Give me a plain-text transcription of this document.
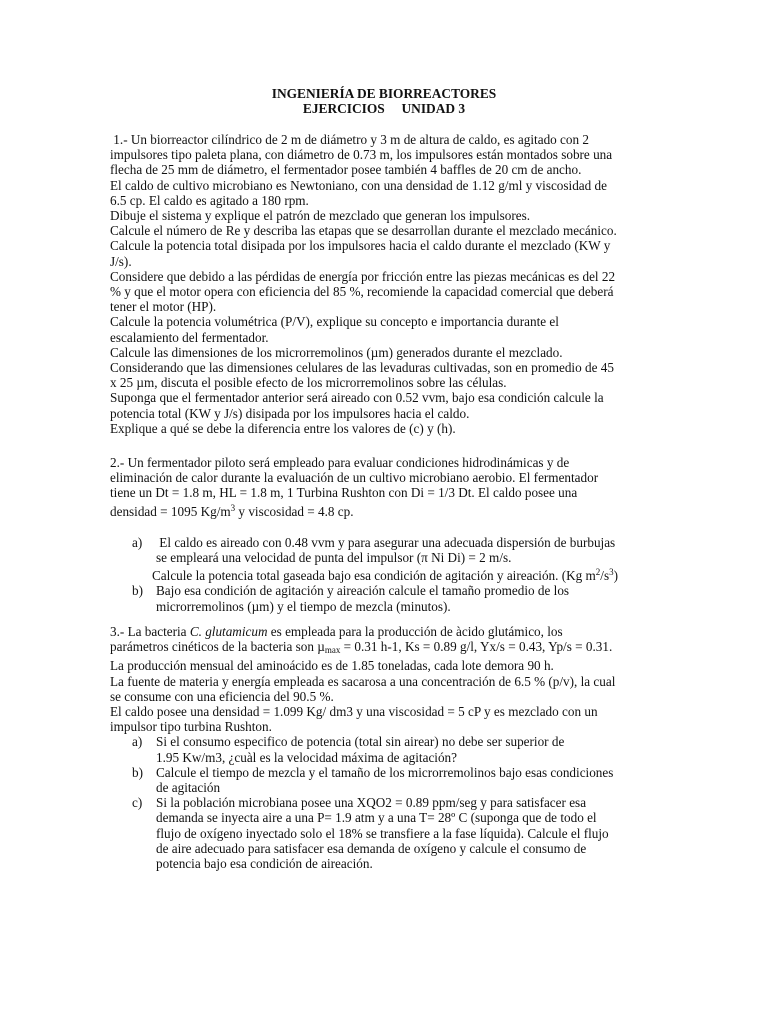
INGENIERÍA DE BIORREACTORES
EJERCICIOS     UNIDAD 3

1.- Un biorreactor cilíndrico de 2 m de diámetro y 3 m de altura de caldo, es agitado con 2

impulsores tipo paleta plana, con diámetro de 0.73 m, los impulsores están montados sobre una

flecha de 25 mm de diámetro, el fermentador posee también 4 baffles de 20 cm de ancho.

El caldo de cultivo microbiano es Newtoniano, con una densidad de 1.12 g/ml y viscosidad de

6.5 cp. El caldo es agitado a 180 rpm.

Dibuje el sistema y explique el patrón de mezclado que generan los impulsores.

Calcule el número de Re y describa las etapas que se desarrollan durante el mezclado mecánico.

Calcule la potencia total disipada por los impulsores hacia el caldo durante el mezclado (KW y

J/s).

Considere que debido a las pérdidas de energía por fricción entre las piezas mecánicas es del 22

% y que el motor opera con eficiencia del 85 %, recomiende la capacidad comercial que deberá

tener el motor (HP).

Calcule la potencia volumétrica (P/V), explique su concepto e importancia durante el

escalamiento del fermentador.

Calcule las dimensiones de los microrremolinos (µm) generados durante el mezclado.

Considerando que las dimensiones celulares de las levaduras cultivadas, son en promedio de 45

x 25 µm, discuta el posible efecto de los microrremolinos sobre las células.

Suponga que el fermentador anterior será aireado con 0.52 vvm, bajo esa condición calcule la

potencia total (KW y J/s) disipada por los impulsores hacia el caldo.

Explique a qué se debe la diferencia entre los valores de (c) y (h).

2.- Un fermentador piloto será empleado para evaluar condiciones hidrodinámicas y de

eliminación de calor durante la evaluación de un cultivo microbiano aerobio. El fermentador

tiene un Dt = 1.8 m, HL = 1.8 m, 1 Turbina Rushton con Di = 1/3 Dt. El caldo posee una

densidad = 1095 $Kg/m^3$ y viscosidad = 4.8 cp.

a) El caldo es aireado con 0.48 vvm y para asegurar una adecuada dispersión de burbujas

se empleará una velocidad de punta del impulsor (π Ni Di) = 2 m/s.

Calcule la potencia total gaseada bajo esa condición de agitación y aireación. (Kg $m^2/s^3$)

b) Bajo esa condición de agitación y aireación calcule el tamaño promedio de los

microrremolinos (µm) y el tiempo de mezcla (minutos).

3.- La bacteria C. glutamicum es empleada para la producción de àcido glutámico, los

parámetros cinéticos de la bacteria son µ$_{max}$ = 0.31 h-1, Ks = 0.89 g/l, Yx/s = 0.43, Yp/s = 0.31.

La producción mensual del aminoácido es de 1.85 toneladas, cada lote demora 90 h.

La fuente de materia y energía empleada es sacarosa a una concentración de 6.5 % (p/v), la cual

se consume con una eficiencia del 90.5 %.

El caldo posee una densidad = 1.099 Kg/ dm3 y una viscosidad = 5 cP y es mezclado con un

impulsor tipo turbina Rushton.

a) Si el consumo especifico de potencia (total sin airear) no debe ser superior de

1.95 Kw/m3, ¿cuàl es la velocidad máxima de agitación?

b) Calcule el tiempo de mezcla y el tamaño de los microrremolinos bajo esas condiciones

de agitación

c) Si la población microbiana posee una XQO2 = 0.89 ppm/seg y para satisfacer esa

demanda se inyecta aire a una P= 1.9 atm y a una T= 28º C (suponga que de todo el

flujo de oxígeno inyectado solo el 18% se transfiere a la fase líquida). Calcule el flujo

de aire adecuado para satisfacer esa demanda de oxígeno y calcule el consumo de

potencia bajo esa condición de aireación.
